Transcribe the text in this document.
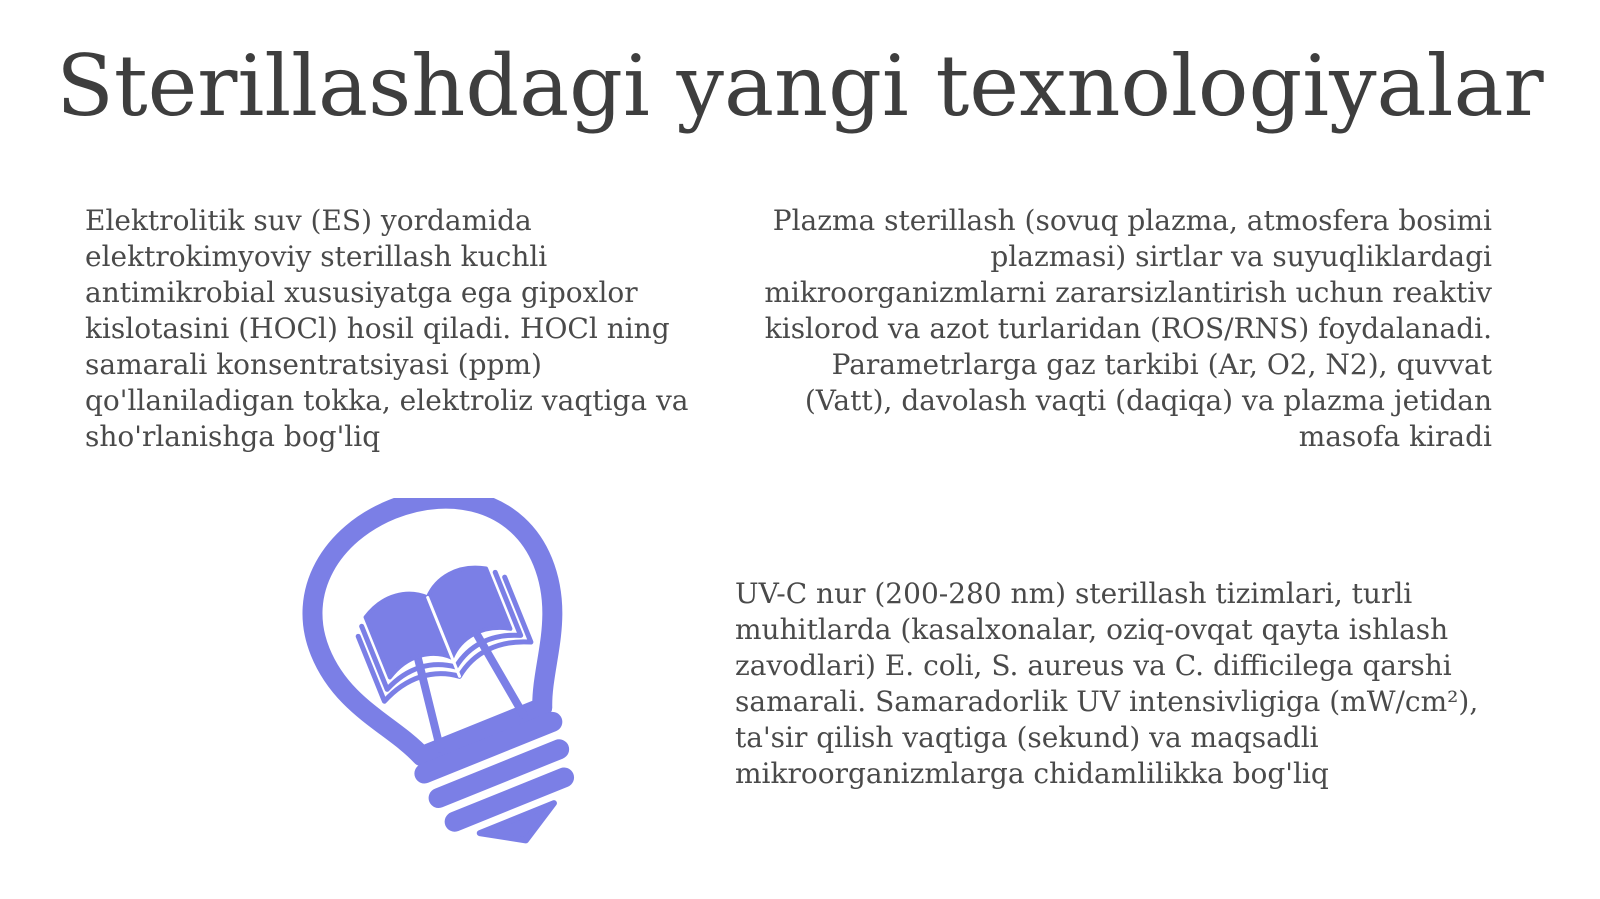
Sterillashdagi yangi texnologiyalar

Elektrolitik suv (ES) yordamida elektrokimyoviy sterillash kuchli antimikrobial xususiyatga ega gipoxlor kislotasini (HOCl) hosil qiladi. HOCl ning samarali konsentratsiyasi (ppm) qo'llaniladigan tokka, elektroliz vaqtiga va sho'rlanishga bog'liq

Plazma sterillash (sovuq plazma, atmosfera bosimi plazmasi) sirtlar va suyuqliklardagi mikroorganizmlarni zararsizlantirish uchun reaktiv kislorod va azot turlaridan (ROS/RNS) foydalanadi. Parametrlarga gaz tarkibi (Ar, O2, N2), quvvat (Vatt), davolash vaqti (daqiqa) va plazma jetidan masofa kiradi

UV-C nur (200-280 nm) sterillash tizimlari, turli muhitlarda (kasalxonalar, oziq-ovqat qayta ishlash zavodlari) E. coli, S. aureus va C. difficilega qarshi samarali. Samaradorlik UV intensivligiga (mW/cm²), ta'sir qilish vaqtiga (sekund) va maqsadli mikroorganizmlarga chidamlilikka bog'liq
